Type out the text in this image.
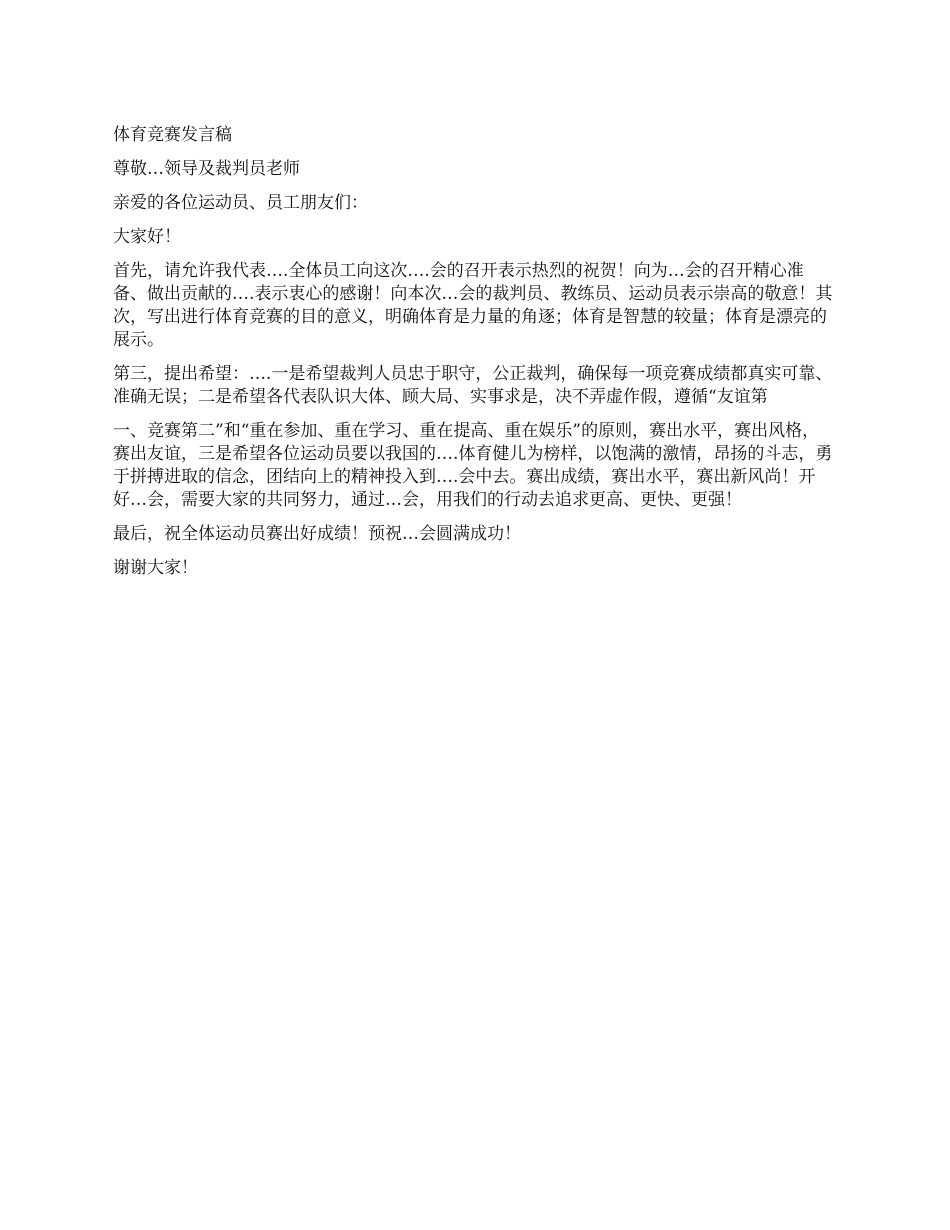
体育竞赛发言稿

尊敬…领导及裁判员老师

亲爱的各位运动员、员工朋友们：

大家好！

首先，请允许我代表….全体员工向这次….会的召开表示热烈的祝贺！向为…会的召开精心准备、做出贡献的….表示衷心的感谢！向本次…会的裁判员、教练员、运动员表示崇高的敬意！其次，写出进行体育竞赛的目的意义，明确体育是力量的角逐；体育是智慧的较量；体育是漂亮的展示。

第三，提出希望：….一是希望裁判人员忠于职守，公正裁判，确保每一项竞赛成绩都真实可靠、准确无误；二是希望各代表队识大体、顾大局、实事求是，决不弄虚作假，遵循“友谊第

一、竞赛第二”和“重在参加、重在学习、重在提高、重在娱乐”的原则，赛出水平，赛出风格，赛出友谊，三是希望各位运动员要以我国的….体育健儿为榜样，以饱满的激情，昂扬的斗志，勇于拼搏进取的信念，团结向上的精神投入到….会中去。赛出成绩，赛出水平，赛出新风尚！开好…会，需要大家的共同努力，通过…会，用我们的行动去追求更高、更快、更强！

最后，祝全体运动员赛出好成绩！预祝…会圆满成功！

谢谢大家！
